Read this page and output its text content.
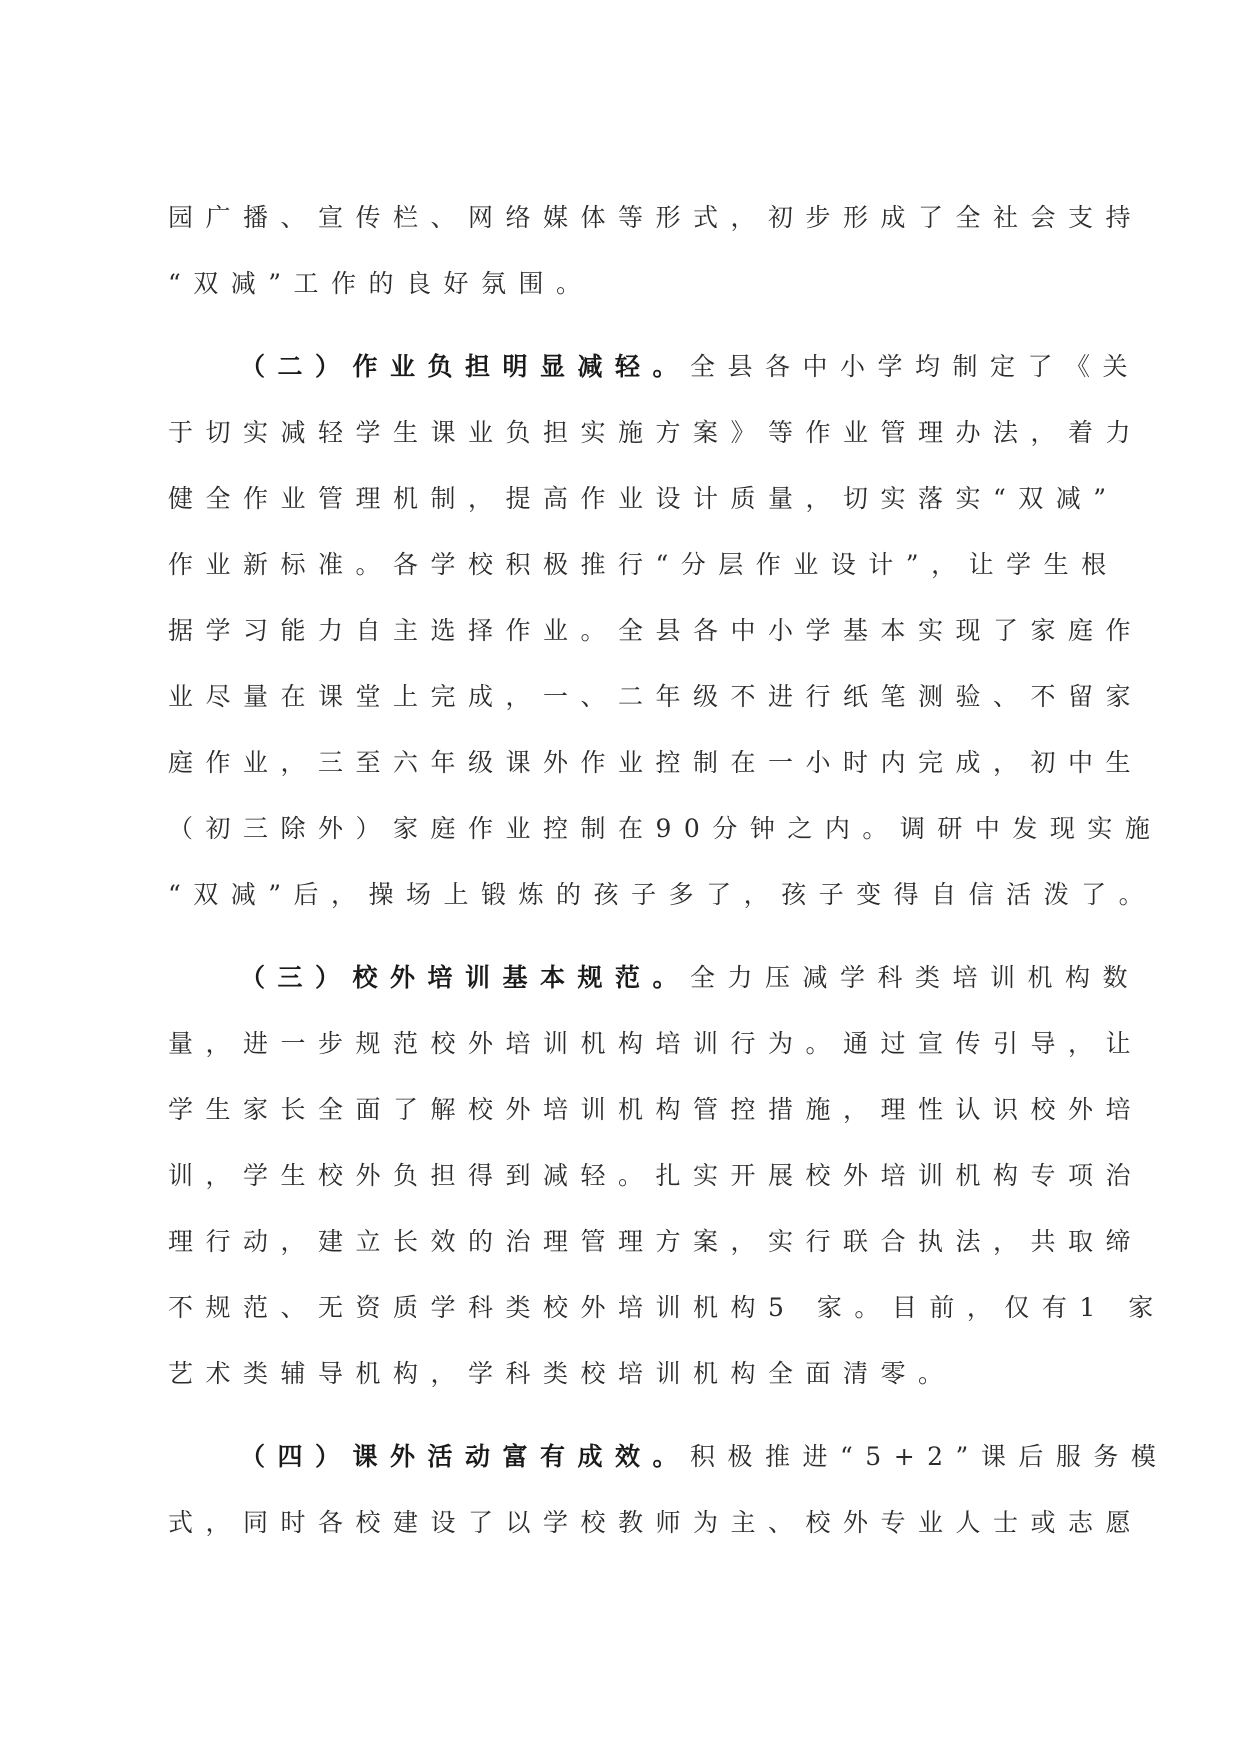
园广播、宣传栏、网络媒体等形式，初步形成了全社会支持
“双减”工作的良好氛围。
（二）作业负担明显减轻。全县各中小学均制定了《关
于切实减轻学生课业负担实施方案》等作业管理办法，着力
健全作业管理机制，提高作业设计质量，切实落实“双减”
作业新标准。各学校积极推行“分层作业设计”，让学生根
据学习能力自主选择作业。全县各中小学基本实现了家庭作
业尽量在课堂上完成，一、二年级不进行纸笔测验、不留家
庭作业，三至六年级课外作业控制在一小时内完成，初中生
（初三除外）家庭作业控制在90分钟之内。调研中发现实施
“双减”后，操场上锻炼的孩子多了，孩子变得自信活泼了。
（三）校外培训基本规范。全力压减学科类培训机构数
量，进一步规范校外培训机构培训行为。通过宣传引导，让
学生家长全面了解校外培训机构管控措施，理性认识校外培
训，学生校外负担得到减轻。扎实开展校外培训机构专项治
理行动，建立长效的治理管理方案，实行联合执法，共取缔
不规范、无资质学科类校外培训机构5 家。目前，仅有1 家
艺术类辅导机构，学科类校培训机构全面清零。
（四）课外活动富有成效。积极推进“5+2”课后服务模
式，同时各校建设了以学校教师为主、校外专业人士或志愿
